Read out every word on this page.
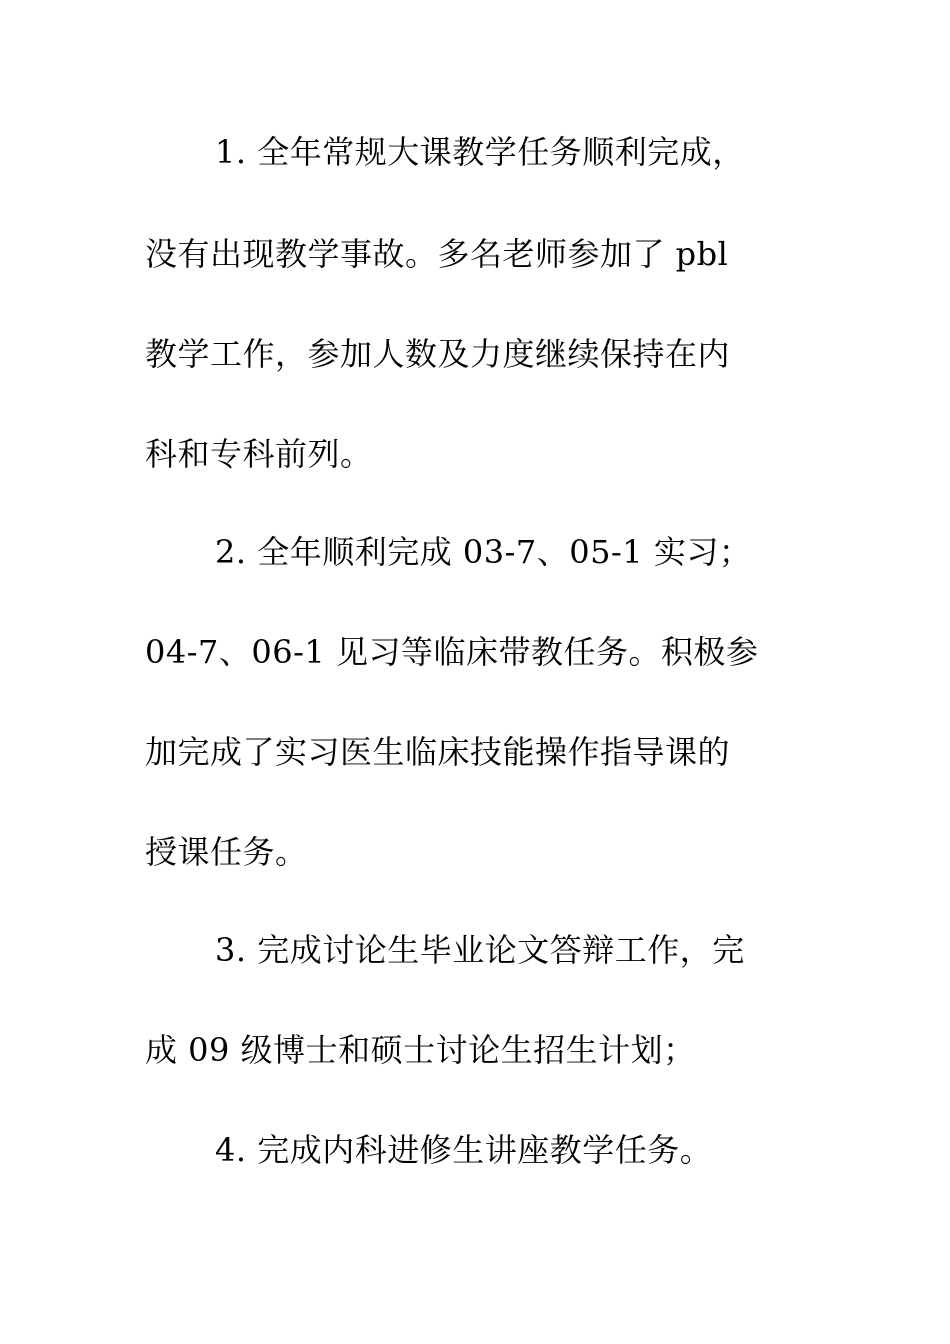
1. 全年常规大课教学任务顺利完成，
没有出现教学事故。多名老师参加了 pbl
教学工作，参加人数及力度继续保持在内
科和专科前列。
2. 全年顺利完成 03-7、05-1 实习；
04-7、06-1 见习等临床带教任务。积极参
加完成了实习医生临床技能操作指导课的
授课任务。
3. 完成讨论生毕业论文答辩工作，完
成 09 级博士和硕士讨论生招生计划；
4. 完成内科进修生讲座教学任务。
